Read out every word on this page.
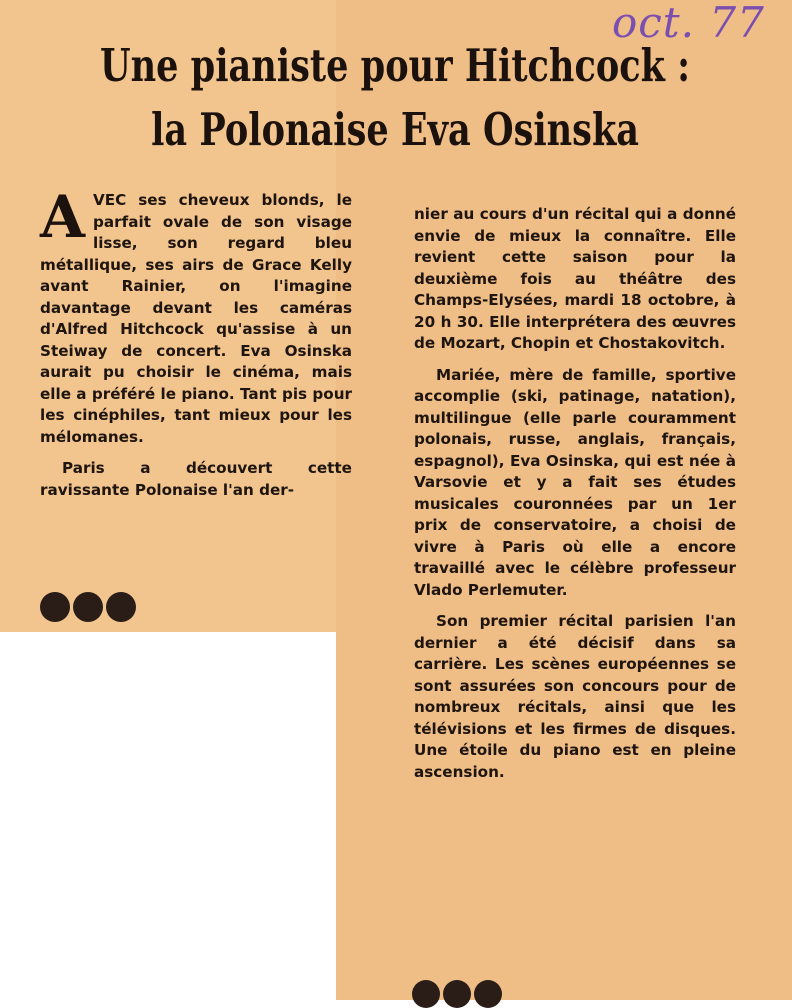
oct. 77
Une pianiste pour Hitchcock :
la Polonaise Eva Osinska

AVEC ses cheveux blonds, le parfait ovale de son visage lisse, son regard bleu métallique, ses airs de Grace Kelly avant Rainier, on l'imagine davantage devant les caméras d'Alfred Hitchcock qu'assise à un Steiway de concert. Eva Osinska aurait pu choisir le cinéma, mais elle a préféré le piano. Tant pis pour les cinéphiles, tant mieux pour les mélomanes.

Paris a découvert cette ravissante Polonaise l'an der-

nier au cours d'un récital qui a donné envie de mieux la connaître. Elle revient cette saison pour la deuxième fois au théâtre des Champs-Elysées, mardi 18 octobre, à 20 h 30. Elle interprétera des œuvres de Mozart, Chopin et Chostakovitch.

Mariée, mère de famille, sportive accomplie (ski, patinage, natation), multilingue (elle parle couramment polonais, russe, anglais, français, espagnol), Eva Osinska, qui est née à Varsovie et y a fait ses études musicales couronnées par un 1er prix de conservatoire, a choisi de vivre à Paris où elle a encore travaillé avec le célèbre professeur Vlado Perlemuter.

Son premier récital parisien l'an dernier a été décisif dans sa carrière. Les scènes européennes se sont assurées son concours pour de nombreux récitals, ainsi que les télévisions et les firmes de disques. Une étoile du piano est en pleine ascension.
